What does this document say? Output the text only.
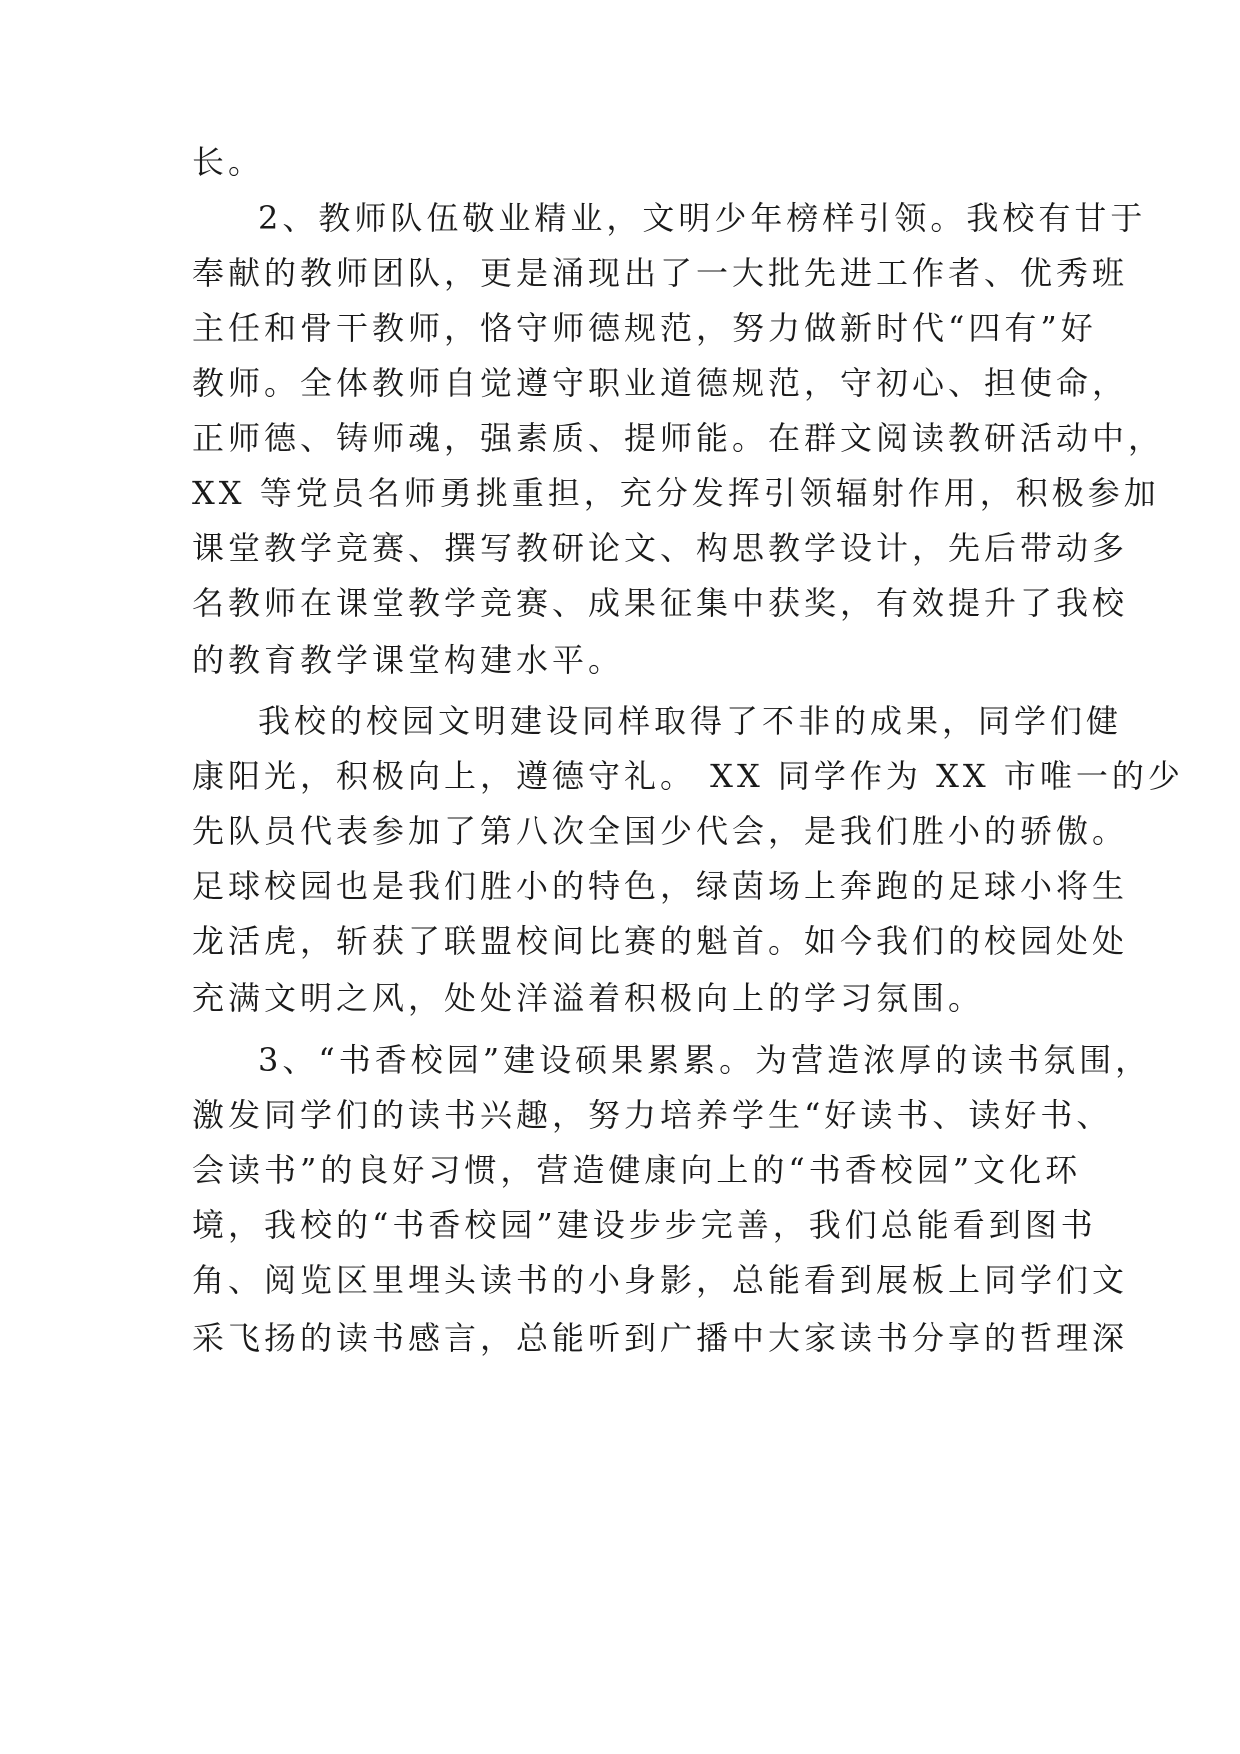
长。
2、教师队伍敬业精业，文明少年榜样引领。我校有甘于
奉献的教师团队，更是涌现出了一大批先进工作者、优秀班
主任和骨干教师，恪守师德规范，努力做新时代“四有”好
教师。全体教师自觉遵守职业道德规范，守初心、担使命，
正师德、铸师魂，强素质、提师能。在群文阅读教研活动中，
XX 等党员名师勇挑重担，充分发挥引领辐射作用，积极参加
课堂教学竞赛、撰写教研论文、构思教学设计，先后带动多
名教师在课堂教学竞赛、成果征集中获奖，有效提升了我校
的教育教学课堂构建水平。
我校的校园文明建设同样取得了不非的成果，同学们健
康阳光，积极向上，遵德守礼。 XX 同学作为 XX 市唯一的少
先队员代表参加了第八次全国少代会，是我们胜小的骄傲。
足球校园也是我们胜小的特色，绿茵场上奔跑的足球小将生
龙活虎，斩获了联盟校间比赛的魁首。如今我们的校园处处
充满文明之风，处处洋溢着积极向上的学习氛围。
3、“书香校园”建设硕果累累。为营造浓厚的读书氛围，
激发同学们的读书兴趣，努力培养学生“好读书、读好书、
会读书”的良好习惯，营造健康向上的“书香校园”文化环
境，我校的“书香校园”建设步步完善，我们总能看到图书
角、阅览区里埋头读书的小身影，总能看到展板上同学们文
采飞扬的读书感言，总能听到广播中大家读书分享的哲理深
